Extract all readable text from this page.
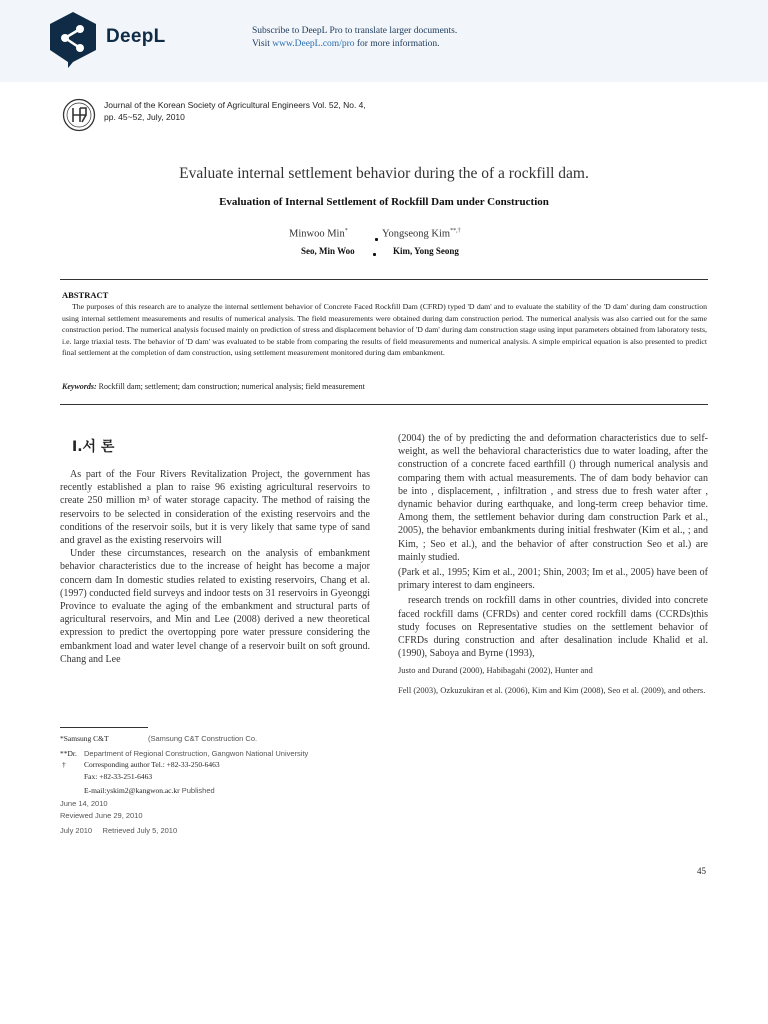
DeepL	Subscribe to DeepL Pro to translate larger documents.
Visit www.DeepL.com/pro for more information.
Journal of the Korean Society of Agricultural Engineers Vol. 52, No. 4,
pp. 45~52, July, 2010
Evaluate internal settlement behavior during the of a rockfill dam.
Evaluation of Internal Settlement of Rockfill Dam under Construction
Minwoo Min*	Yongseong Kim**,†
Seo, Min Woo	Kim, Yong Seong
ABSTRACT
The purposes of this research are to analyze the internal settlement behavior of Concrete Faced Rockfill Dam (CFRD) typed 'D dam' and to evaluate the stability of the 'D dam' during dam construction using internal settlement measurements and results of numerical analysis. The field measurements were obtained during dam construction period. The numerical analysis was also carried out for the same construction period. The numerical analysis focused mainly on prediction of stress and displacement behavior of 'D dam' during dam construction stage using input parameters obtained from laboratory tests, i.e. large triaxial tests. The behavior of 'D dam' was evaluated to be stable from comparing the results of field measurements and numerical analysis. A simple empirical equation is also presented to predict final settlement at the completion of dam construction, using settlement measurement monitored during dam embankment.
Keywords: Rockfill dam; settlement; dam construction; numerical analysis; field measurement
I.서 론

As part of the Four Rivers Revitalization Project, the government has recently established a plan to raise 96 existing agricultural reservoirs to create 250 million m³ of water storage capacity. The method of raising the reservoirs to be selected in consideration of the existing reservoirs and the conditions of the reservoir soils, but it is very likely that same type of sand and gravel as the existing reservoirs will

Under these circumstances, research on the analysis of embankment behavior characteristics due to the increase of height has become a major concern dam In domestic studies related to existing reservoirs, Chang et al. (1997) conducted field surveys and indoor tests on 31 reservoirs in Gyeonggi Province to evaluate the aging of the embankment and structural parts of agricultural reservoirs, and Min and Lee (2008) derived a new theoretical expression to predict the overtopping pore water pressure considering the embankment load and water level change of a reservoir built on soft ground. Chang and Lee

(2004) the of by predicting the and deformation characteristics due to self-weight, as well the behavioral characteristics due to water loading, after the construction of a concrete faced earthfill () through numerical analysis and comparing them with actual measurements. The of dam body behavior can be into , displacement, , infiltration , and stress due to fresh water after , dynamic behavior during earthquake, and long-term creep behavior time. Among them, the settlement behavior during dam construction Park et al., 2005), the behavior embankments during initial freshwater (Kim et al., ; and Kim, ; Seo et al.), and the behavior of after construction Seo et al.) are mainly studied.

(Park et al., 1995; Kim et al., 2001; Shin, 2003; Im et al., 2005) have been of primary interest to dam engineers.

research trends on rockfill dams in other countries, divided into concrete faced rockfill dams (CFRDs) and center cored rockfill dams (CCRDs)this study focuses on Representative studies on the settlement behavior of CFRDs during construction and after desalination include Khalid et al. (1990), Saboya and Byrne (1993),

Justo and Durand (2000), Habibagahi (2002), Hunter and

Fell (2003), Ozkuzukiran et al. (2006), Kim and Kim (2008), Seo et al. (2009), and others.

*Samsung C&T	(Samsung C&T Construction Co.
**Dr. Department of Regional Construction, Gangwon National University
† Corresponding author Tel.: +82-33-250-6463
Fax: +82-33-251-6463
E-mail:yskim2@kangwon.ac.kr Published
June 14, 2010
Reviewed June 29, 2010
July 2010     Retrieved July 5, 2010
45
